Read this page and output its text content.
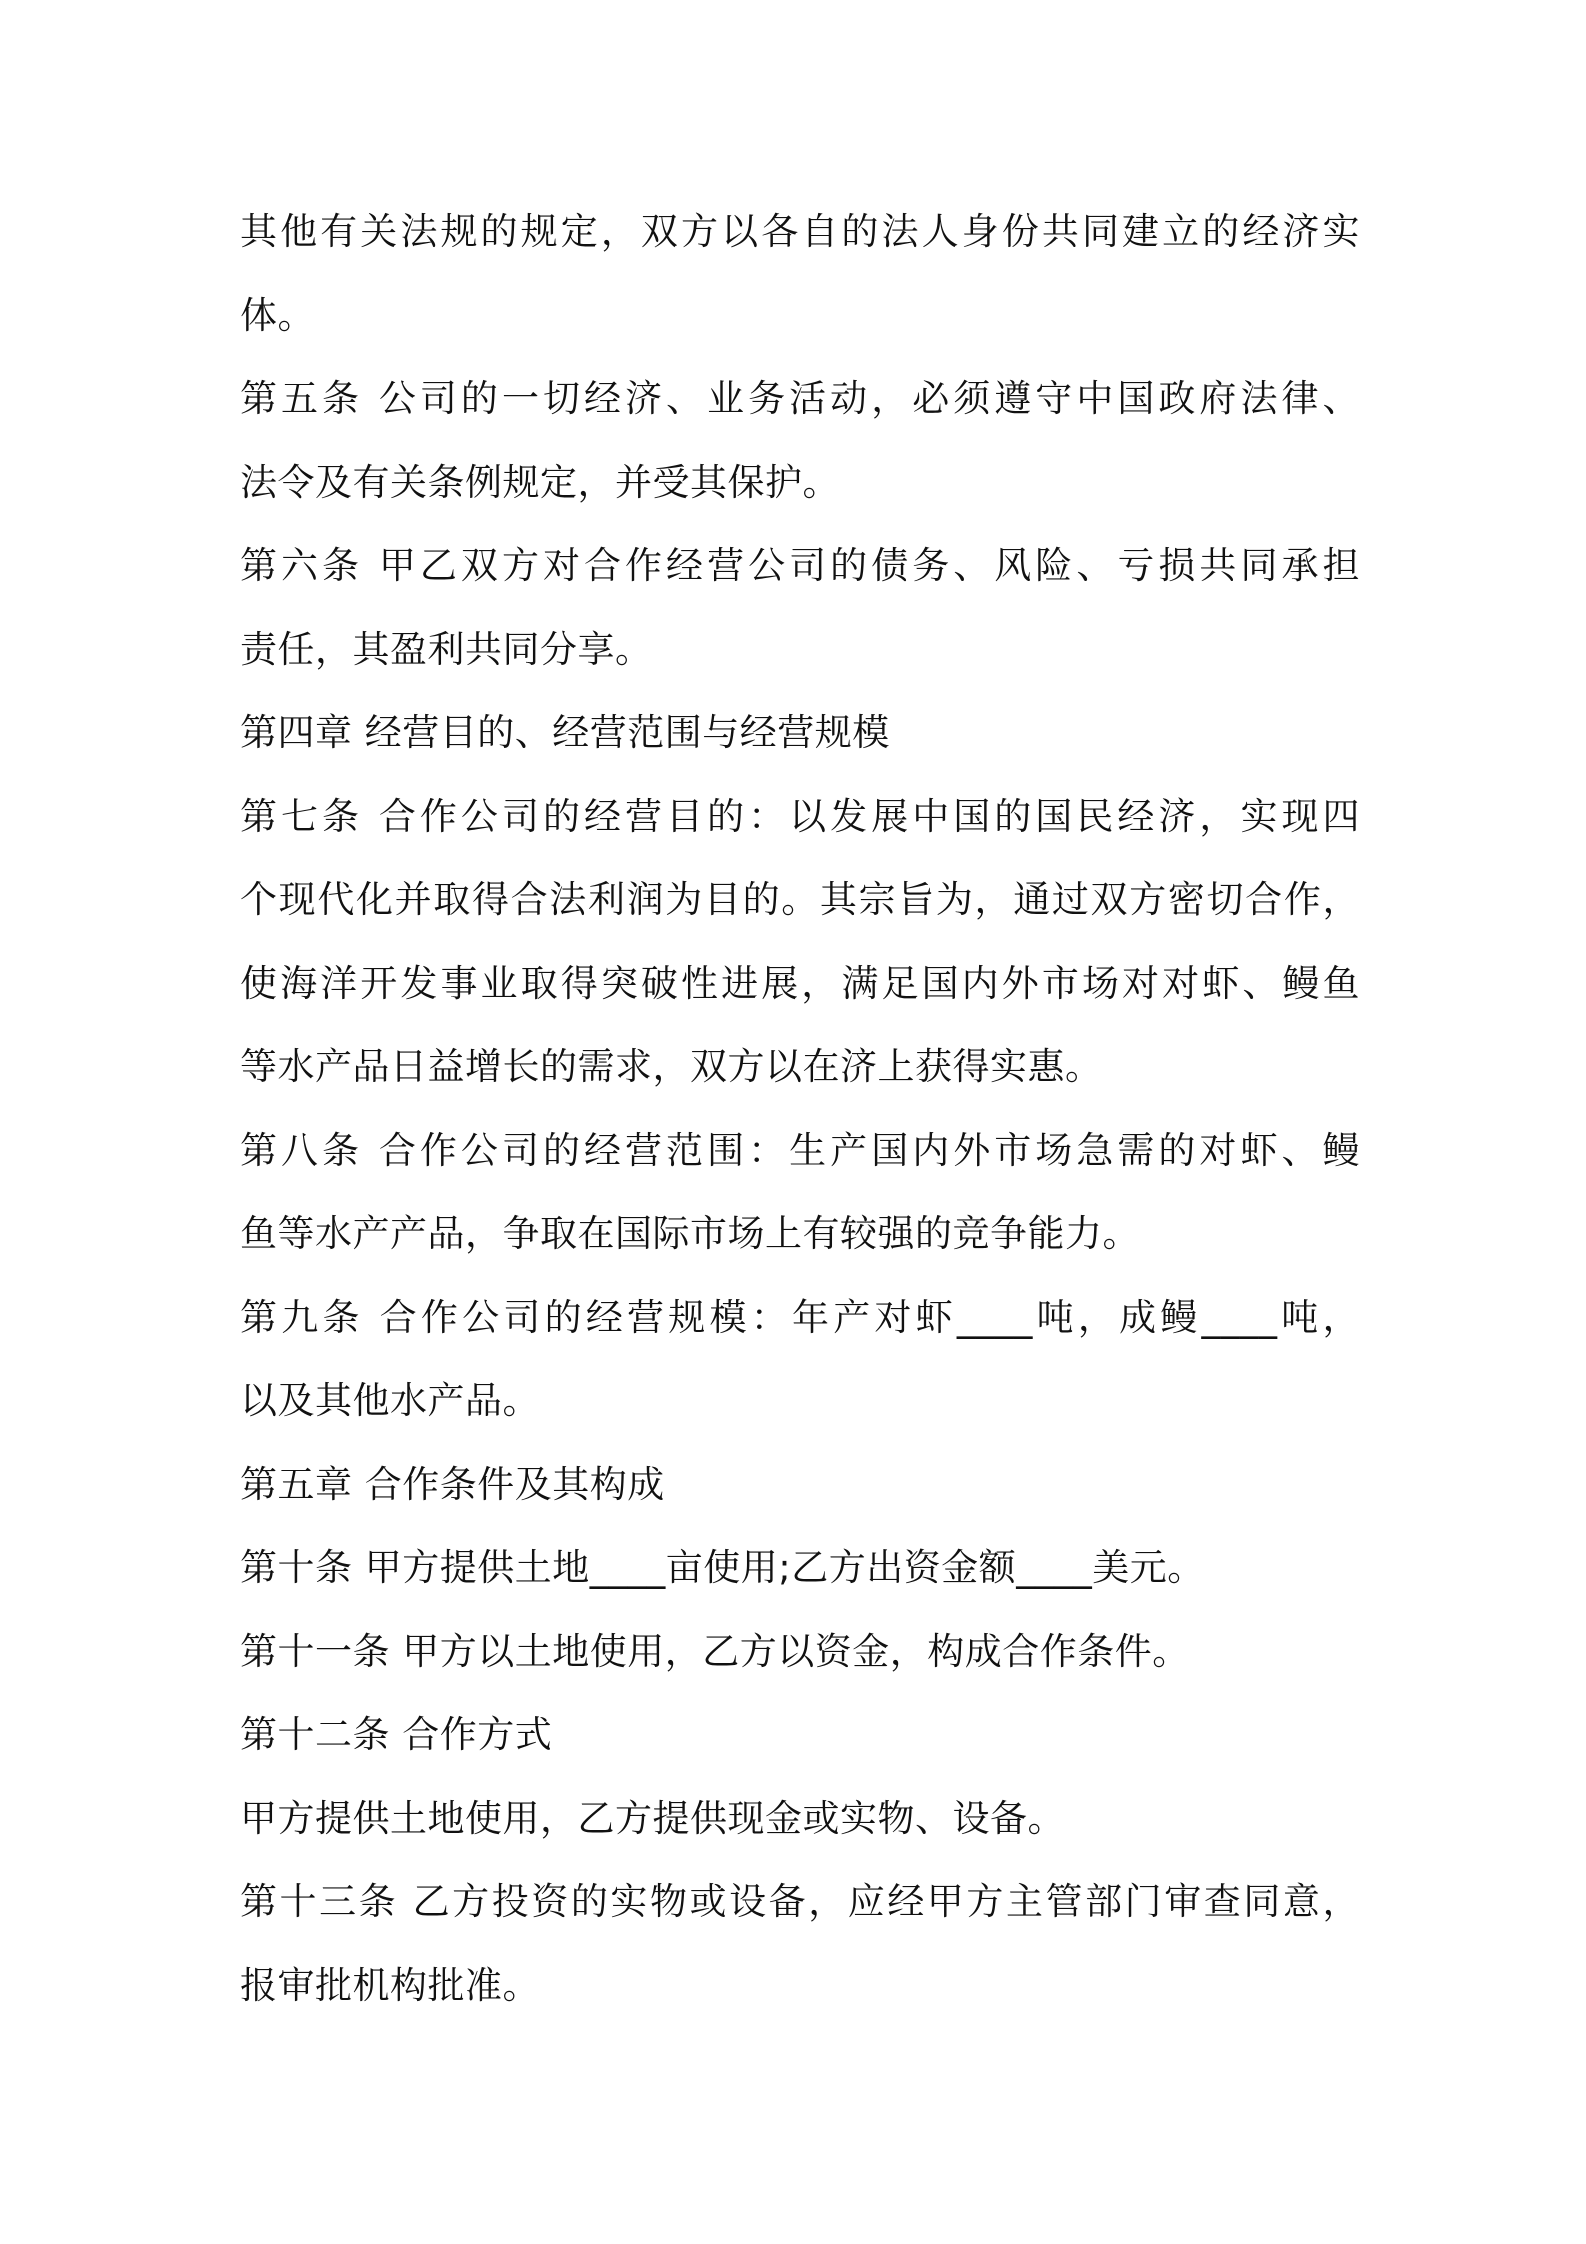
其他有关法规的规定，双方以各自的法人身份共同建立的经济实
体。
第五条 公司的一切经济、业务活动，必须遵守中国政府法律、
法令及有关条例规定，并受其保护。
第六条 甲乙双方对合作经营公司的债务、风险、亏损共同承担
责任，其盈利共同分享。
第四章 经营目的、经营范围与经营规模
第七条 合作公司的经营目的：以发展中国的国民经济，实现四
个现代化并取得合法利润为目的。其宗旨为，通过双方密切合作，
使海洋开发事业取得突破性进展，满足国内外市场对对虾、鳗鱼
等水产品日益增长的需求，双方以在济上获得实惠。
第八条 合作公司的经营范围：生产国内外市场急需的对虾、鳗
鱼等水产产品，争取在国际市场上有较强的竞争能力。
第九条 合作公司的经营规模：年产对虾____吨，成鳗____吨，
以及其他水产品。
第五章 合作条件及其构成
第十条 甲方提供土地____亩使用;乙方出资金额____美元。
第十一条 甲方以土地使用，乙方以资金，构成合作条件。
第十二条 合作方式
甲方提供土地使用，乙方提供现金或实物、设备。
第十三条 乙方投资的实物或设备，应经甲方主管部门审查同意，
报审批机构批准。
